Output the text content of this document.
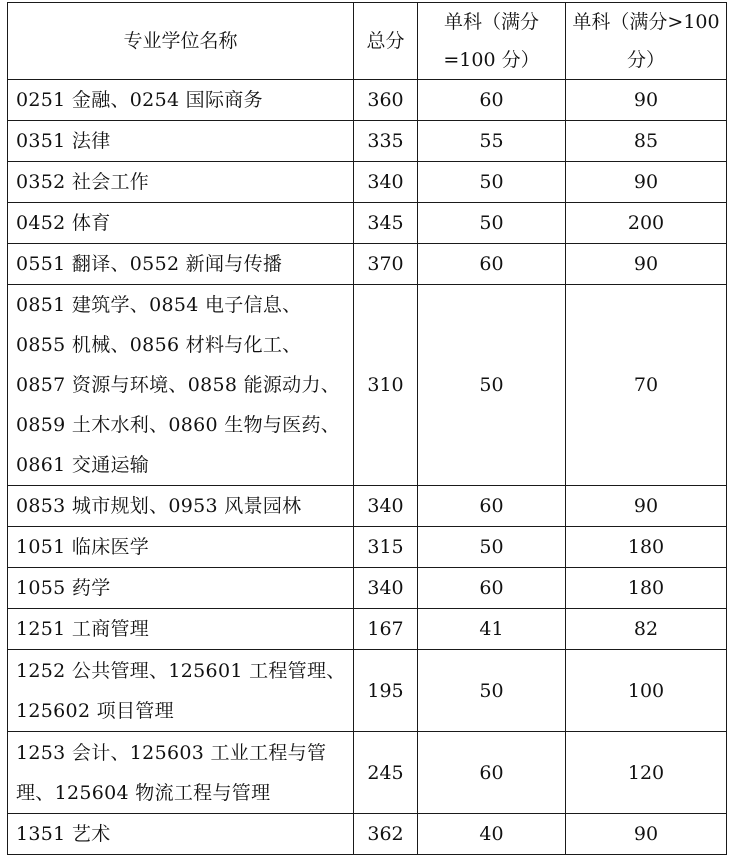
专业学位名称	总分	单科（满分=100 分）	单科（满分>100 分）
0251 金融、0254 国际商务	360	60	90
0351 法律	335	55	85
0352 社会工作	340	50	90
0452 体育	345	50	200
0551 翻译、0552 新闻与传播	370	60	90
0851 建筑学、0854 电子信息、0855 机械、0856 材料与化工、0857 资源与环境、0858 能源动力、0859 土木水利、0860 生物与医药、0861 交通运输	310	50	70
0853 城市规划、0953 风景园林	340	60	90
1051 临床医学	315	50	180
1055 药学	340	60	180
1251 工商管理	167	41	82
1252 公共管理、125601 工程管理、125602 项目管理	195	50	100
1253 会计、125603 工业工程与管理、125604 物流工程与管理	245	60	120
1351 艺术	362	40	90
